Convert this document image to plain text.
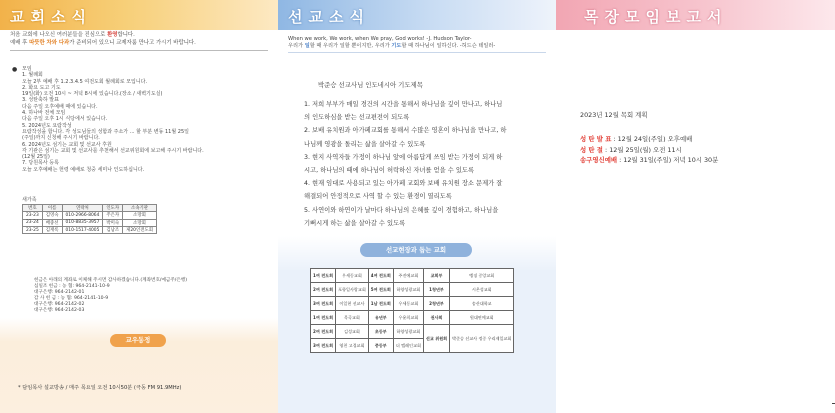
교회소식
처음 교회에 나오신 여러분들을 진심으로 환영합니다.
예배 후 따뜻한 차와 다과가 준비되어 있으니 교제자룸 만나고 가시기 바랍니다.
● 모임
1. 월례회
오늘 2부 예배 후 1.2.3.4.5 여전도회 월례회로 모입니다.
2. 화요 도고 기도
19일(화) 오전 10시 ~ 저녁 8시에 있습니다.(장소 / 새벽기도실)
3. 성탄축하 발표
다음 주일 오후예배 때에 있습니다.
4. 하나바 전체 모임
다음 주일 오후 1시 식당에서 있습니다.
5. 2024년도 요람작성
요람작성을 합니다. 각 성도님들의 성함과 주소가 ... 할 부분 변동 11월 25일
(주일)까지 신청해 주시기 바랍니다.
6. 2024년도 섬기는 교회 및 선교사 후원
각 기관은 섬기는 교회 및 선교사를 추천해서 선교위원회에 보고해 주시기 바랍니다.
(12월 25일)
7. 당원목사 등록
오늘 오후예배는 헌령 예배로 청중 세미나 인도하십니다.
새가족
번호	이름	연락처	인도자	소속기관
23-23	김영숙	010-2966-8064	주은자	소망회
23-24	배중선	010-8835-3957	박미숙	소망회
23-25	김재록	010-1517-4005	김남조	제20인전도회
헌금은 아래의 계좌로 이체해 주시면 감사하겠습니다.(계좌번호/예금주/은행)
십일조 헌금 : 농 협: 964-2141-10-9
대구은행: 964-2142-01
감 사 헌 금 : 농 협: 964-2141-10-9
대구은행: 964-2142-02
대구은행: 964-2142-03
교우동정
* 담임목사 설교방송 / 매주 목요일 오전 10시50분 (극동 FM 91.9MHz)
선교소식
When we work, We work, when We pray, God works! -J. Hudson Taylor-
우리가 일할 때 우리가 일할 뿐이지만, 우리가 기도할 때 하나님이 일하신다. -허드슨 테일러-
박준승 선교사님 인도네시아 기도제목
1. 저희 부부가 매일 경건의 시간을 통해서 하나님을 깊이 만나고, 하나님
의 인도하심을 받는 선교편전이 되도록
2. 보배 유치원과 아가페교회를 통해서 수많은 영혼이 하나님을 만나고, 하
나님께 영광을 돌리는 삶을 살아갈 수 있도록
3. 현지 사역자들 가정이 하나님 앞에 아름답게 쓰임 받는 가정이 되게 하
시고, 하나님의 때에 하나님이 허락하신 자녀를 얻을 수 있도록
4. 현재 임대로 사용되고 있는 아가페 교회와 보배 유치원 장소 문제가 잘
해결되어 안정적으로 사역 할 수 있는 환경이 열리도록
5. 사연이와 하연이가 날마다 하나님의 은혜를 깊이 경험하고, 하나님을
기뻐시게 하는 삶을 살아갈 수 있도록
선교현장과 돕는 교회
1여 전도회	우세동교회	4여 전도회	주진에교회	교회부	벵징 중앙교회
2여 전도회	포항일사랑교회	5여 전도회	하양성광교회	1청년부	시온성교회
3여 전도회	이일현 선교사	1남 전도회	우세동교회	2청년부	송산대학교
1여 전도회	목곡교회	유년부	우윤희교회	권사회	원대연예교회
2여 전도회	김성교회	초등부	하양성광교회	선교 위원회	박준승 선교사 정중 우리제일교회
3여 전도회	영천 고경교회	중등부	더 엘레인교회		
목장모임보고서
2023년 12월 목회 계획
성 탄 발 표 : 12월 24일(주일) 오후예배
성 탄 절 : 12월 25일(월) 오전 11시
송구영신예배 : 12월 31일(주일) 저녁 10시 30분
